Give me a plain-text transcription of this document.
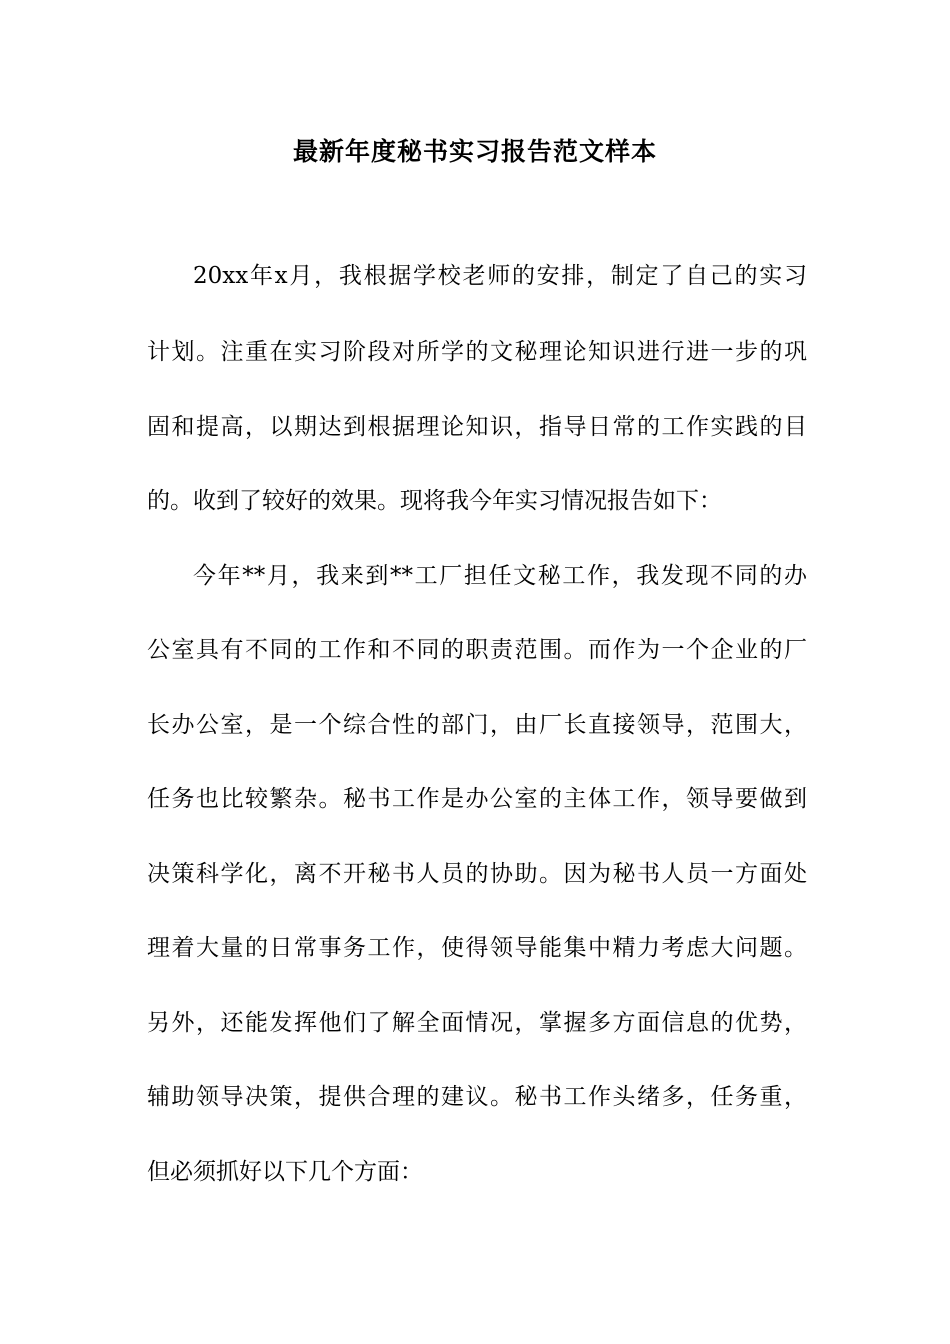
最新年度秘书实习报告范文样本

20xx年x月，我根据学校老师的安排，制定了自己的实习

计划。注重在实习阶段对所学的文秘理论知识进行进一步的巩

固和提高，以期达到根据理论知识，指导日常的工作实践的目

的。收到了较好的效果。现将我今年实习情况报告如下：

今年**月，我来到**工厂担任文秘工作，我发现不同的办

公室具有不同的工作和不同的职责范围。而作为一个企业的厂

长办公室，是一个综合性的部门，由厂长直接领导，范围大，

任务也比较繁杂。秘书工作是办公室的主体工作，领导要做到

决策科学化，离不开秘书人员的协助。因为秘书人员一方面处

理着大量的日常事务工作，使得领导能集中精力考虑大问题。

另外，还能发挥他们了解全面情况，掌握多方面信息的优势，

辅助领导决策，提供合理的建议。秘书工作头绪多，任务重，

但必须抓好以下几个方面：
